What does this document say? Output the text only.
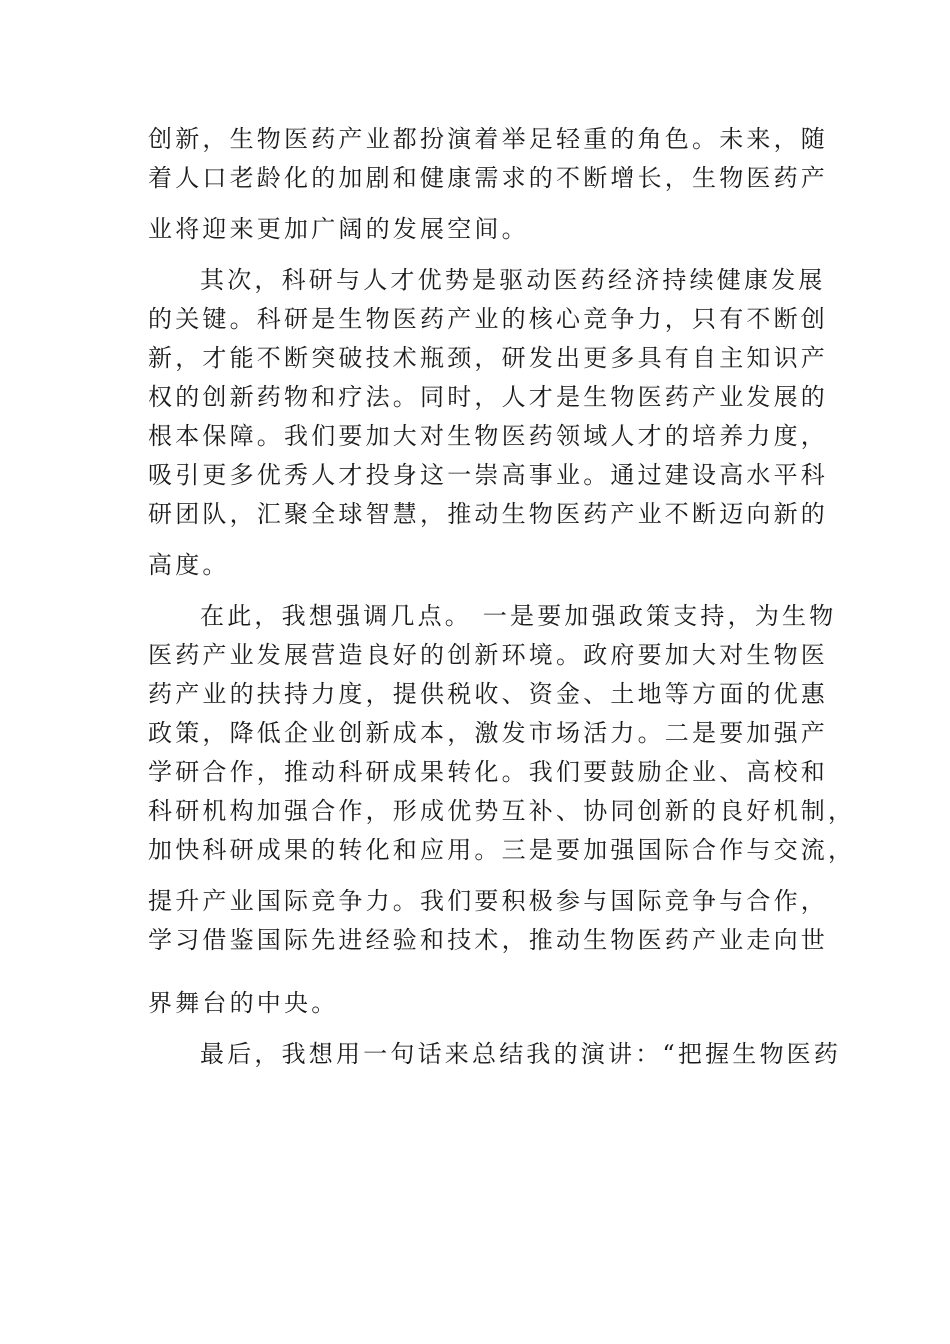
创新，生物医药产业都扮演着举足轻重的角色。未来，随
着人口老龄化的加剧和健康需求的不断增长，生物医药产
业将迎来更加广阔的发展空间。
其次，科研与人才优势是驱动医药经济持续健康发展
的关键。科研是生物医药产业的核心竞争力，只有不断创
新，才能不断突破技术瓶颈，研发出更多具有自主知识产
权的创新药物和疗法。同时，人才是生物医药产业发展的
根本保障。我们要加大对生物医药领域人才的培养力度，
吸引更多优秀人才投身这一崇高事业。通过建设高水平科
研团队，汇聚全球智慧，推动生物医药产业不断迈向新的
高度。
在此，我想强调几点。 一是要加强政策支持，为生物
医药产业发展营造良好的创新环境。政府要加大对生物医
药产业的扶持力度，提供税收、资金、土地等方面的优惠
政策，降低企业创新成本，激发市场活力。二是要加强产
学研合作，推动科研成果转化。我们要鼓励企业、高校和
科研机构加强合作，形成优势互补、协同创新的良好机制，
加快科研成果的转化和应用。三是要加强国际合作与交流，
提升产业国际竞争力。我们要积极参与国际竞争与合作，
学习借鉴国际先进经验和技术，推动生物医药产业走向世
界舞台的中央。
最后，我想用一句话来总结我的演讲：“把握生物医药
